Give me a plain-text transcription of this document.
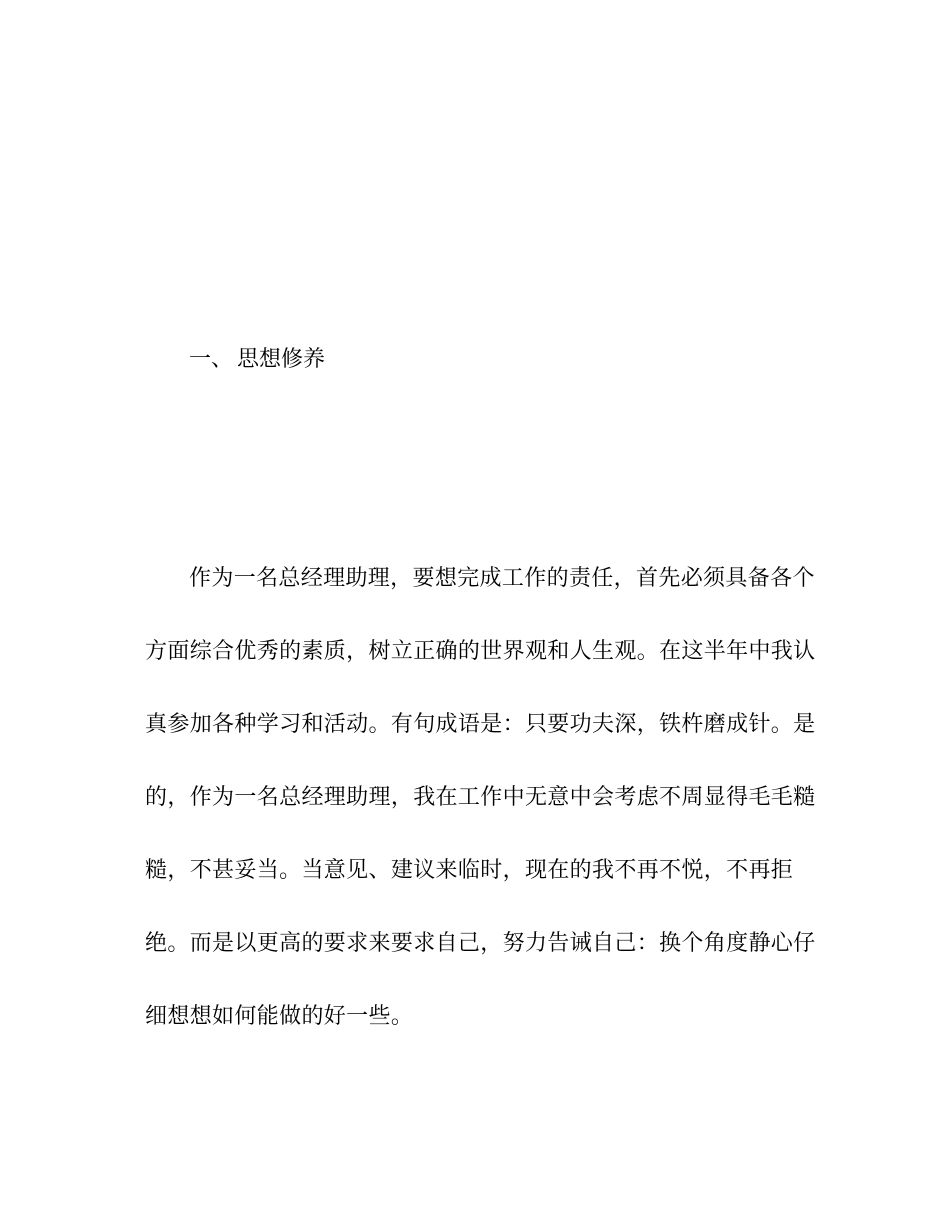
一、 思想修养
作为一名总经理助理，要想完成工作的责任，首先必须具备各个
方面综合优秀的素质，树立正确的世界观和人生观。在这半年中我认
真参加各种学习和活动。有句成语是：只要功夫深，铁杵磨成针。是
的，作为一名总经理助理，我在工作中无意中会考虑不周显得毛毛糙
糙，不甚妥当。当意见、建议来临时，现在的我不再不悦，不再拒
绝。而是以更高的要求来要求自己，努力告诫自己：换个角度静心仔
细想想如何能做的好一些。
